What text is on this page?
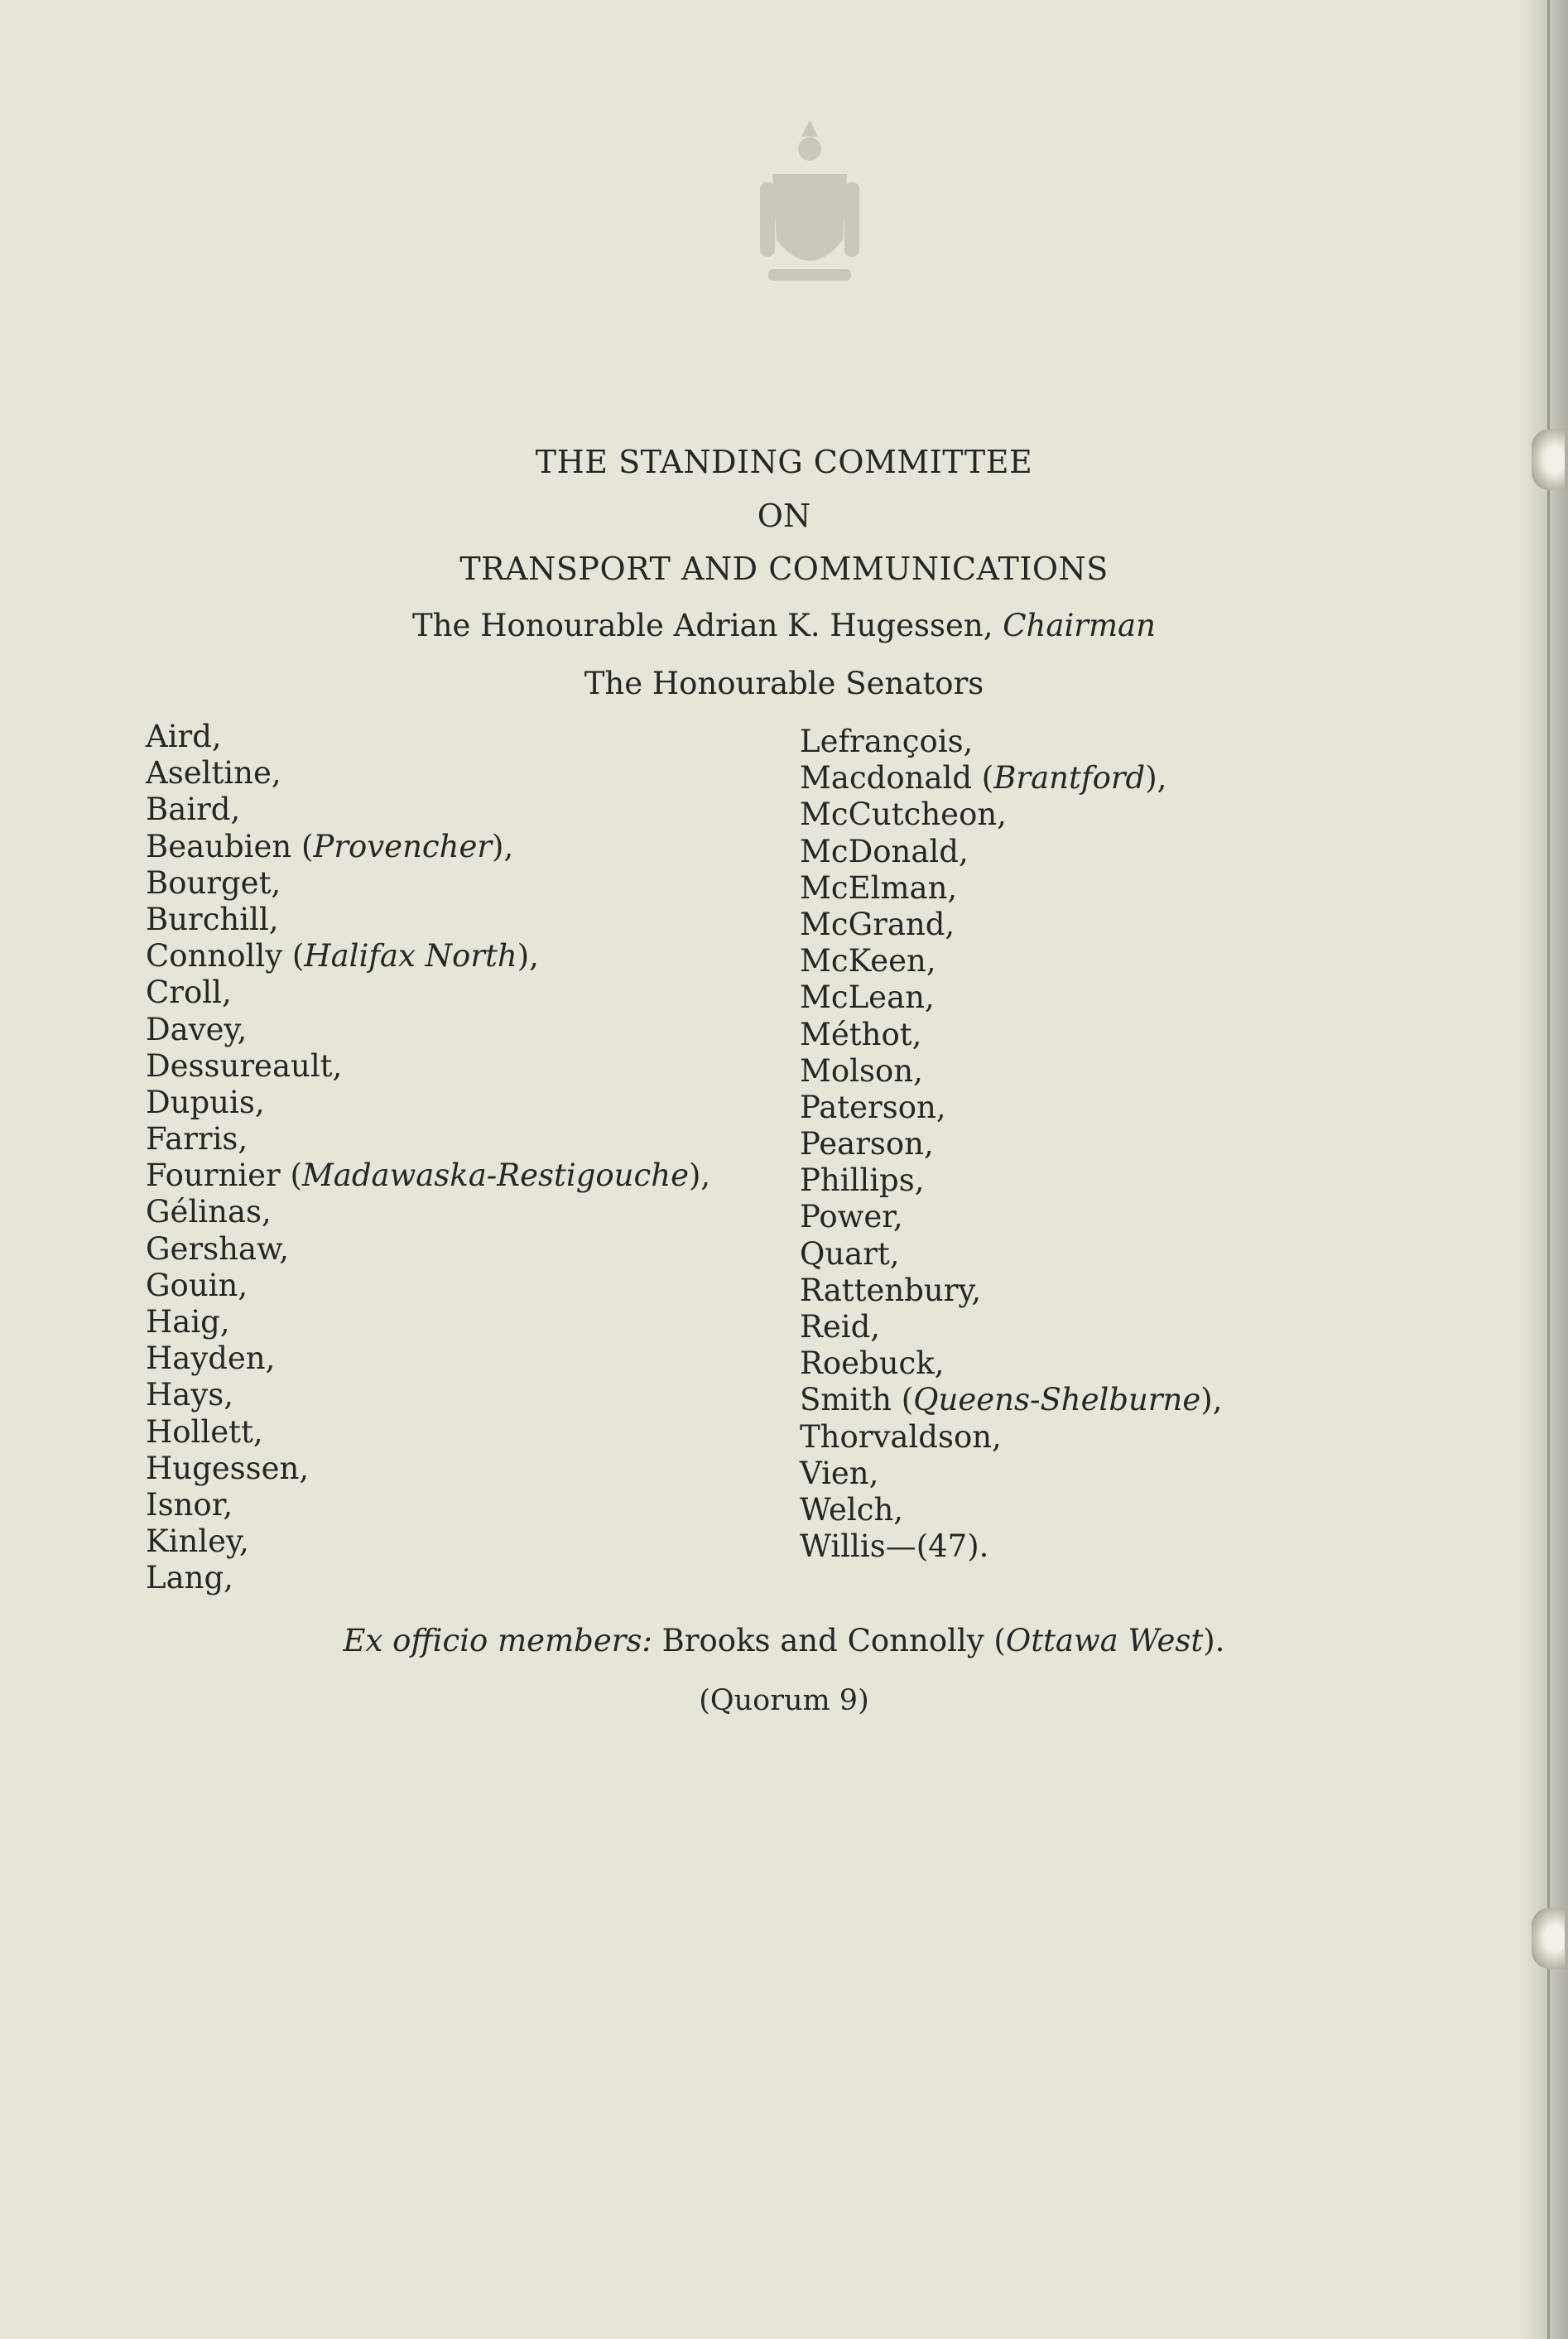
THE STANDING COMMITTEE
ON
TRANSPORT AND COMMUNICATIONS
The Honourable Adrian K. Hugessen, Chairman
The Honourable Senators
Aird,
Aseltine,
Baird,
Beaubien (Provencher),
Bourget,
Burchill,
Connolly (Halifax North),
Croll,
Davey,
Dessureault,
Dupuis,
Farris,
Fournier (Madawaska-Restigouche),
Gélinas,
Gershaw,
Gouin,
Haig,
Hayden,
Hays,
Hollett,
Hugessen,
Isnor,
Kinley,
Lang,
Lefrançois,
Macdonald (Brantford),
McCutcheon,
McDonald,
McElman,
McGrand,
McKeen,
McLean,
Méthot,
Molson,
Paterson,
Pearson,
Phillips,
Power,
Quart,
Rattenbury,
Reid,
Roebuck,
Smith (Queens-Shelburne),
Thorvaldson,
Vien,
Welch,
Willis—(47).
Ex officio members: Brooks and Connolly (Ottawa West).
(Quorum 9)
